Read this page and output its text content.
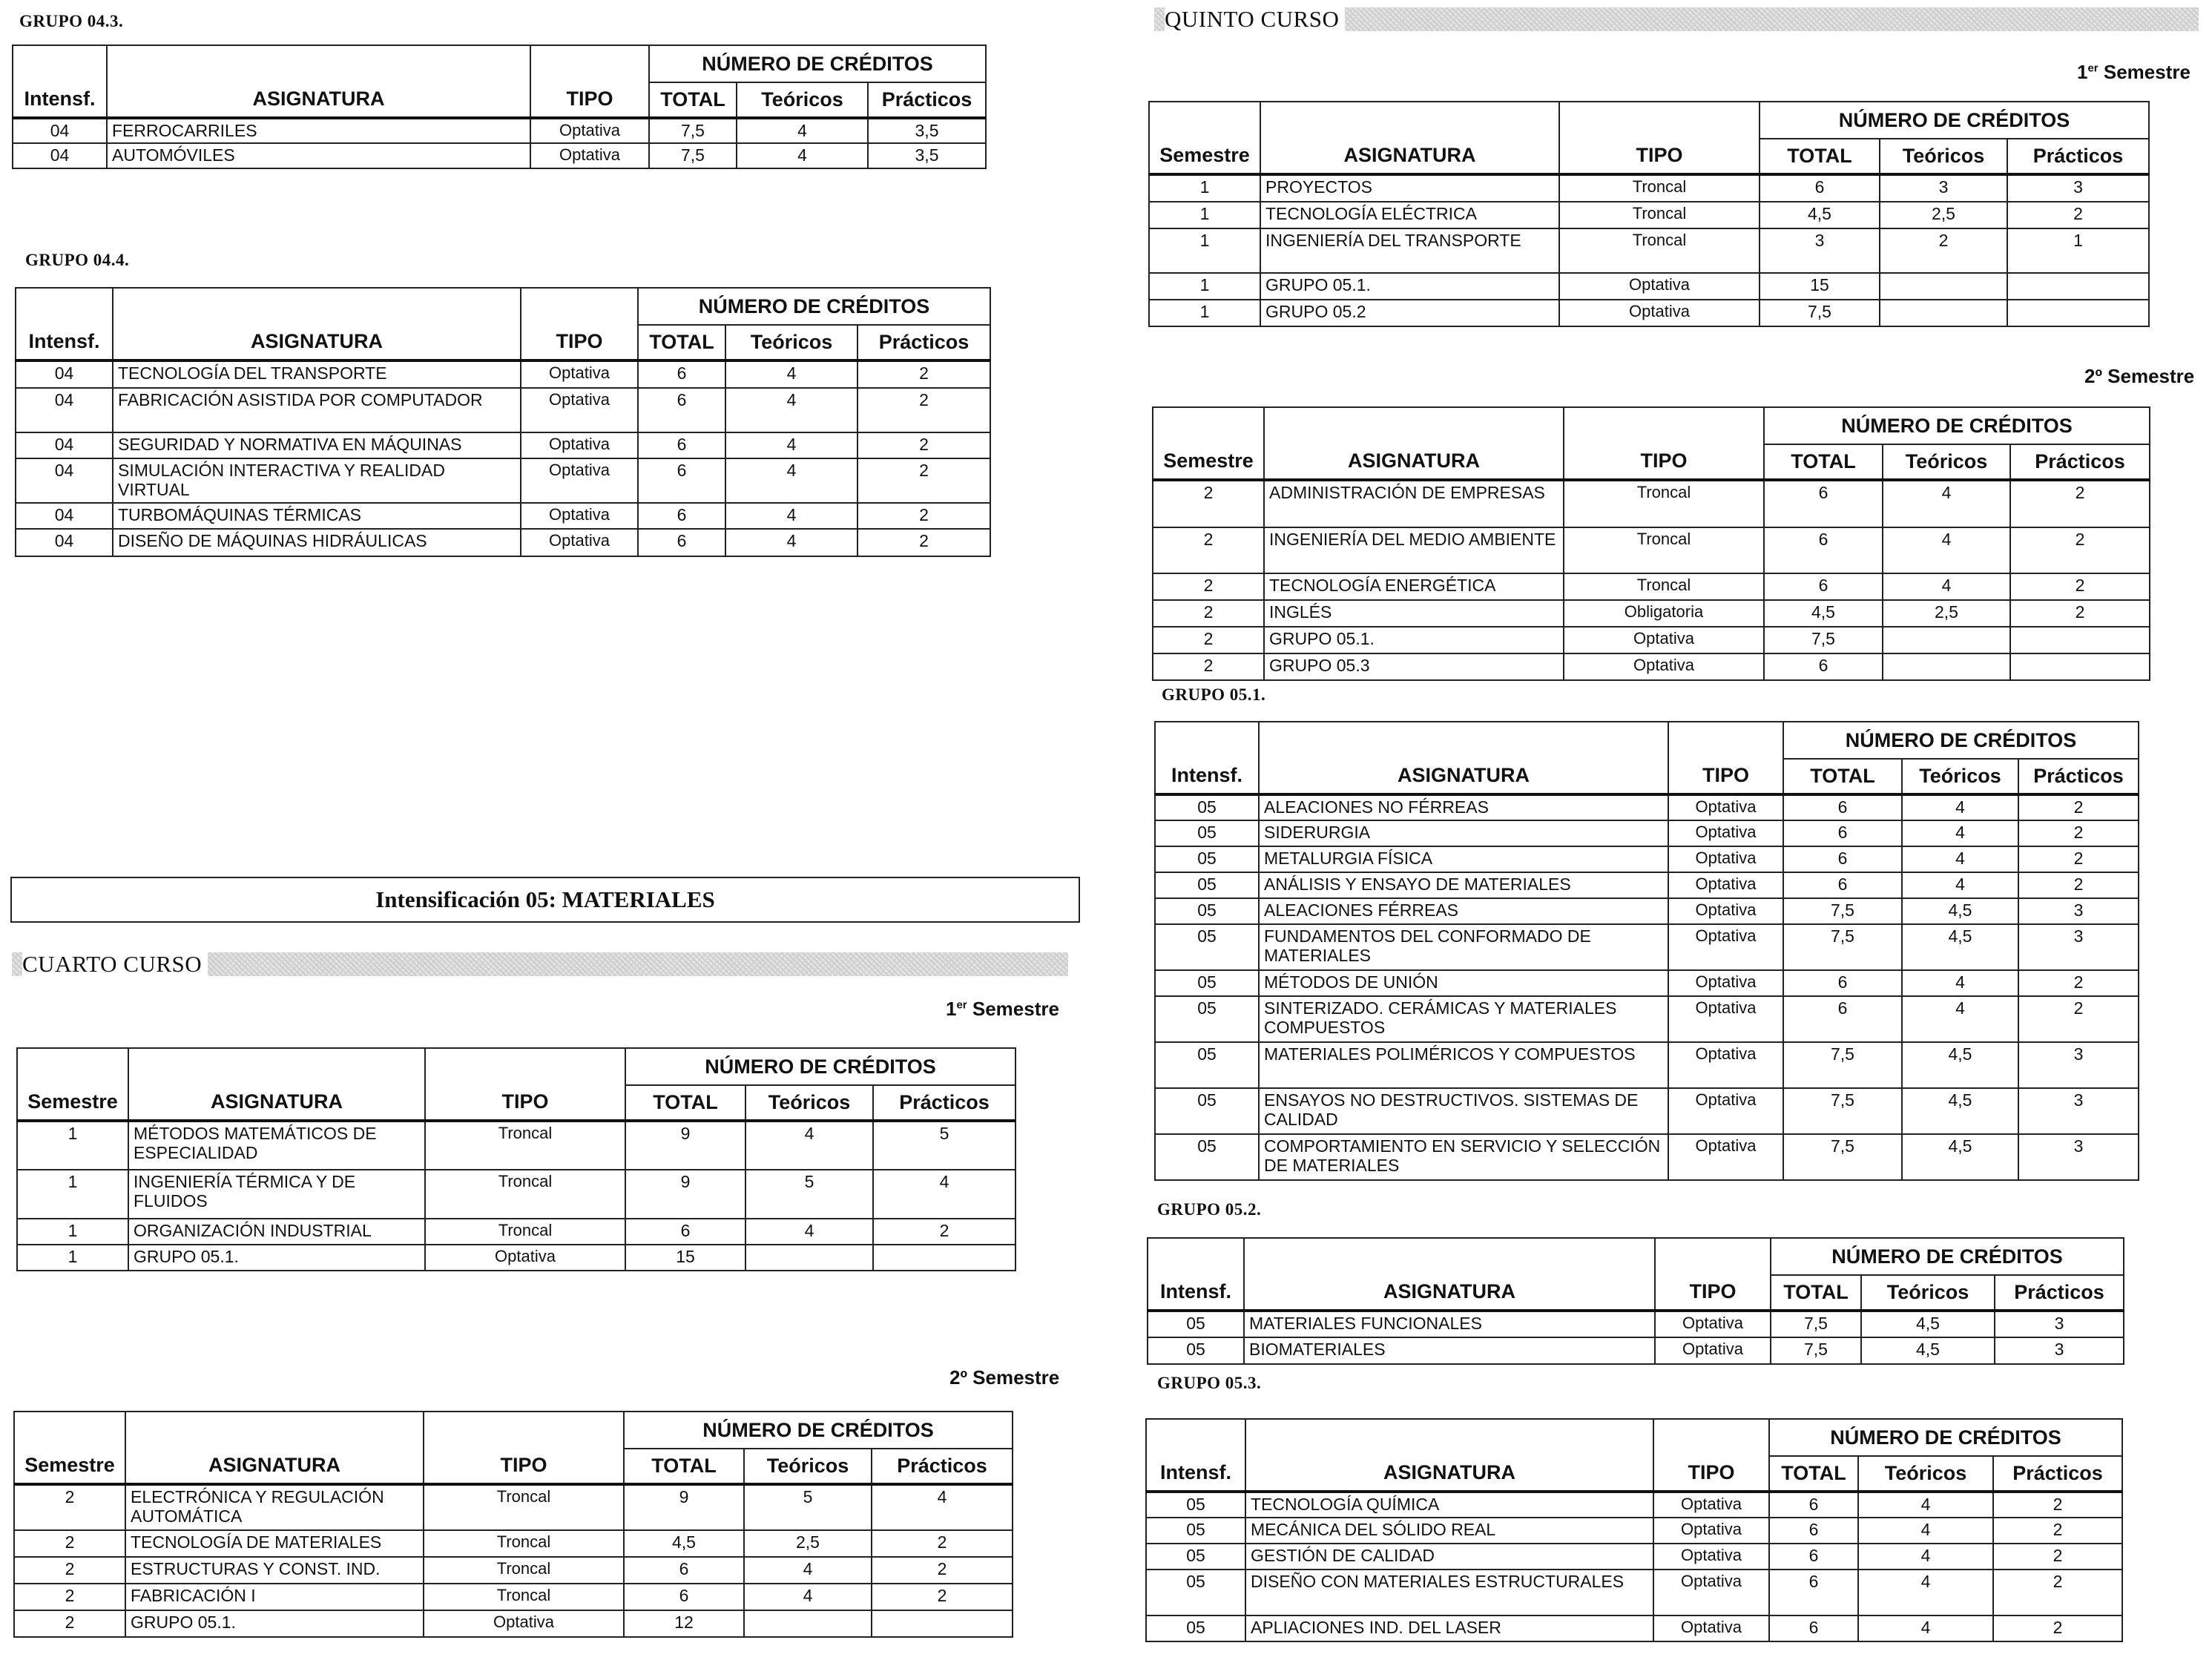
GRUPO 04.3.
Intensf.	ASIGNATURA	TIPO	NÚMERO DE CRÉDITOS		
			TOTAL	Teóricos	Prácticos
04	FERROCARRILES	Optativa	7,5	4	3,5
04	AUTOMÓVILES	Optativa	7,5	4	3,5
GRUPO 04.4.
Intensf.	ASIGNATURA	TIPO	NÚMERO DE CRÉDITOS		
			TOTAL	Teóricos	Prácticos
04	TECNOLOGÍA DEL TRANSPORTE	Optativa	6	4	2
04	FABRICACIÓN ASISTIDA POR COMPUTADOR	Optativa	6	4	2
04	SEGURIDAD Y NORMATIVA EN MÁQUINAS	Optativa	6	4	2
04	SIMULACIÓN INTERACTIVA Y REALIDAD VIRTUAL	Optativa	6	4	2
04	TURBOMÁQUINAS TÉRMICAS	Optativa	6	4	2
04	DISEÑO DE MÁQUINAS HIDRÁULICAS	Optativa	6	4	2
Intensificación 05: MATERIALES
CUARTO CURSO
1er Semestre
Semestre	ASIGNATURA	TIPO	NÚMERO DE CRÉDITOS		
			TOTAL	Teóricos	Prácticos
1	MÉTODOS MATEMÁTICOS DE ESPECIALIDAD	Troncal	9	4	5
1	INGENIERÍA TÉRMICA Y DE FLUIDOS	Troncal	9	5	4
1	ORGANIZACIÓN INDUSTRIAL	Troncal	6	4	2
1	GRUPO 05.1.	Optativa	15		
2º Semestre
Semestre	ASIGNATURA	TIPO	NÚMERO DE CRÉDITOS		
			TOTAL	Teóricos	Prácticos
2	ELECTRÓNICA Y REGULACIÓN AUTOMÁTICA	Troncal	9	5	4
2	TECNOLOGÍA DE MATERIALES	Troncal	4,5	2,5	2
2	ESTRUCTURAS Y CONST. IND.	Troncal	6	4	2
2	FABRICACIÓN I	Troncal	6	4	2
2	GRUPO 05.1.	Optativa	12		
QUINTO CURSO
1er Semestre
Semestre	ASIGNATURA	TIPO	NÚMERO DE CRÉDITOS		
			TOTAL	Teóricos	Prácticos
1	PROYECTOS	Troncal	6	3	3
1	TECNOLOGÍA ELÉCTRICA	Troncal	4,5	2,5	2
1	INGENIERÍA DEL TRANSPORTE	Troncal	3	2	1
1	GRUPO 05.1.	Optativa	15		
1	GRUPO 05.2	Optativa	7,5		
2º Semestre
Semestre	ASIGNATURA	TIPO	NÚMERO DE CRÉDITOS		
			TOTAL	Teóricos	Prácticos
2	ADMINISTRACIÓN DE EMPRESAS	Troncal	6	4	2
2	INGENIERÍA DEL MEDIO AMBIENTE	Troncal	6	4	2
2	TECNOLOGÍA ENERGÉTICA	Troncal	6	4	2
2	INGLÉS	Obligatoria	4,5	2,5	2
2	GRUPO 05.1.	Optativa	7,5		
2	GRUPO 05.3	Optativa	6		
GRUPO 05.1.
Intensf.	ASIGNATURA	TIPO	NÚMERO DE CRÉDITOS		
			TOTAL	Teóricos	Prácticos
05	ALEACIONES NO FÉRREAS	Optativa	6	4	2
05	SIDERURGIA	Optativa	6	4	2
05	METALURGIA FÍSICA	Optativa	6	4	2
05	ANÁLISIS Y ENSAYO DE MATERIALES	Optativa	6	4	2
05	ALEACIONES FÉRREAS	Optativa	7,5	4,5	3
05	FUNDAMENTOS DEL CONFORMADO DE MATERIALES	Optativa	7,5	4,5	3
05	MÉTODOS DE UNIÓN	Optativa	6	4	2
05	SINTERIZADO. CERÁMICAS Y MATERIALES COMPUESTOS	Optativa	6	4	2
05	MATERIALES POLIMÉRICOS Y COMPUESTOS	Optativa	7,5	4,5	3
05	ENSAYOS NO DESTRUCTIVOS. SISTEMAS DE CALIDAD	Optativa	7,5	4,5	3
05	COMPORTAMIENTO EN SERVICIO Y SELECCIÓN DE MATERIALES	Optativa	7,5	4,5	3
GRUPO 05.2.
Intensf.	ASIGNATURA	TIPO	NÚMERO DE CRÉDITOS		
			TOTAL	Teóricos	Prácticos
05	MATERIALES FUNCIONALES	Optativa	7,5	4,5	3
05	BIOMATERIALES	Optativa	7,5	4,5	3
GRUPO 05.3.
Intensf.	ASIGNATURA	TIPO	NÚMERO DE CRÉDITOS		
			TOTAL	Teóricos	Prácticos
05	TECNOLOGÍA QUÍMICA	Optativa	6	4	2
05	MECÁNICA DEL SÓLIDO REAL	Optativa	6	4	2
05	GESTIÓN DE CALIDAD	Optativa	6	4	2
05	DISEÑO CON MATERIALES ESTRUCTURALES	Optativa	6	4	2
05	APLIACIONES IND. DEL LASER	Optativa	6	4	2
